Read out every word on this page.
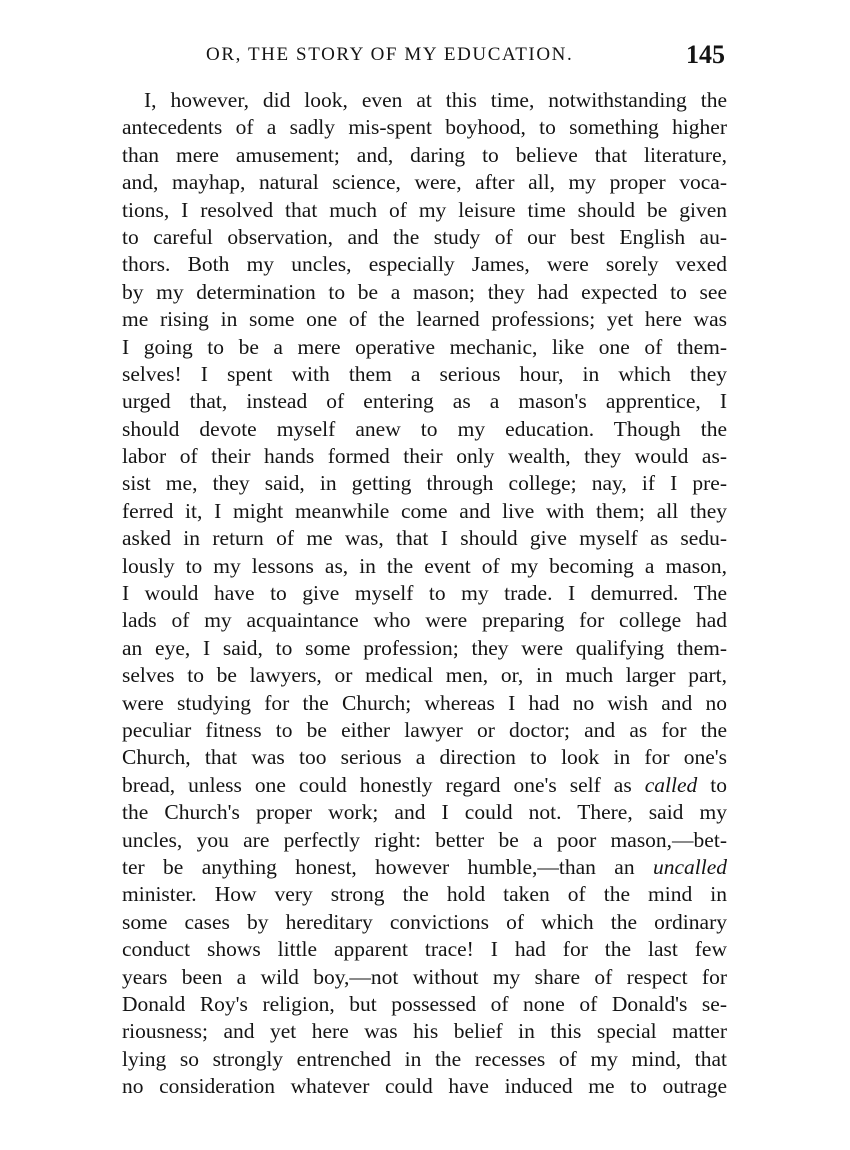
OR, THE STORY OF MY EDUCATION.	145
I, however, did look, even at this time, notwithstanding the
antecedents of a sadly mis-spent boyhood, to something higher
than mere amusement; and, daring to believe that literature,
and, mayhap, natural science, were, after all, my proper voca-
tions, I resolved that much of my leisure time should be given
to careful observation, and the study of our best English au-
thors. Both my uncles, especially James, were sorely vexed
by my determination to be a mason; they had expected to see
me rising in some one of the learned professions; yet here was
I going to be a mere operative mechanic, like one of them-
selves! I spent with them a serious hour, in which they
urged that, instead of entering as a mason's apprentice, I
should devote myself anew to my education. Though the
labor of their hands formed their only wealth, they would as-
sist me, they said, in getting through college; nay, if I pre-
ferred it, I might meanwhile come and live with them; all they
asked in return of me was, that I should give myself as sedu-
lously to my lessons as, in the event of my becoming a mason,
I would have to give myself to my trade. I demurred. The
lads of my acquaintance who were preparing for college had
an eye, I said, to some profession; they were qualifying them-
selves to be lawyers, or medical men, or, in much larger part,
were studying for the Church; whereas I had no wish and no
peculiar fitness to be either lawyer or doctor; and as for the
Church, that was too serious a direction to look in for one's
bread, unless one could honestly regard one's self as called to
the Church's proper work; and I could not. There, said my
uncles, you are perfectly right: better be a poor mason,—bet-
ter be anything honest, however humble,—than an uncalled
minister. How very strong the hold taken of the mind in
some cases by hereditary convictions of which the ordinary
conduct shows little apparent trace! I had for the last few
years been a wild boy,—not without my share of respect for
Donald Roy's religion, but possessed of none of Donald's se-
riousness; and yet here was his belief in this special matter
lying so strongly entrenched in the recesses of my mind, that
no consideration whatever could have induced me to outrage
